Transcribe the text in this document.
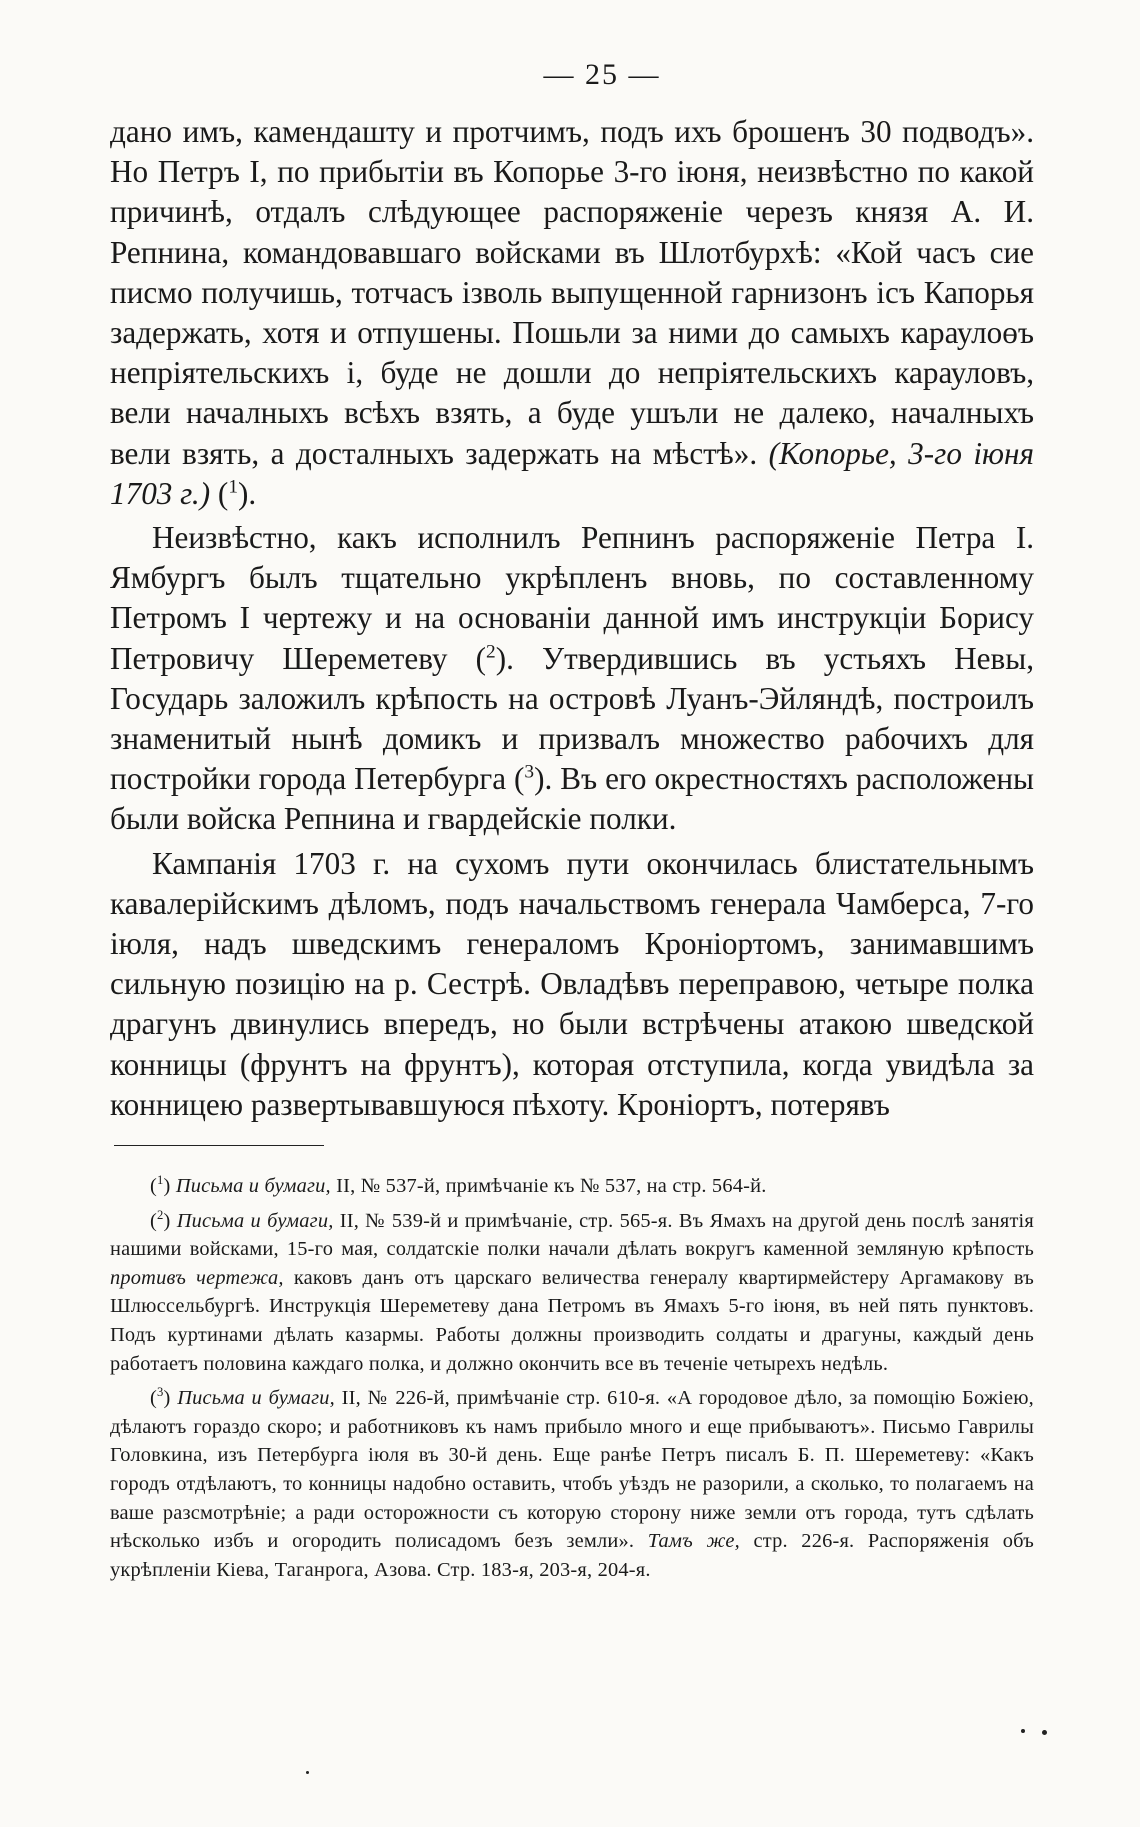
— 25 —

дано имъ, камендашту и протчимъ, подъ ихъ брошенъ 30 подводъ». Но Петръ I, по прибытіи въ Копорье 3-го іюня, неизвѣстно по какой причинѣ, отдалъ слѣдующее распоряженіе черезъ князя А. И. Репнина, командовавшаго войсками въ Шлотбурхѣ: «Кой часъ сие писмо получишь, тотчасъ ізволь выпущенной гарнизонъ ісъ Капорья задержать, хотя и отпушены. Пошьли за ними до самыхъ караулоөъ непріятельскихъ і, буде не дошли до непріятельскихъ карауловъ, вели началныхъ всѣхъ взять, а буде ушъли не далеко, началныхъ вели взять, а досталныхъ задержать на мѣстѣ». (Копорье, 3-го іюня 1703 г.) ($^1$).

Неизвѣстно, какъ исполнилъ Репнинъ распоряженіе Петра I. Ямбургъ былъ тщательно укрѣпленъ вновь, по составленному Петромъ I чертежу и на основаніи данной имъ инструкціи Борису Петровичу Шереметеву ($^2$). Утвердившись въ устьяхъ Невы, Государь заложилъ крѣпость на островѣ Луанъ-Эйляндѣ, построилъ знаменитый нынѣ домикъ и призвалъ множество рабочихъ для постройки города Петербурга ($^3$). Въ его окрестностяхъ расположены были войска Репнина и гвардейскіе полки.

Кампанія 1703 г. на сухомъ пути окончилась блистательнымъ кавалерійскимъ дѣломъ, подъ начальствомъ генерала Чамберса, 7-го іюля, надъ шведскимъ генераломъ Кроніортомъ, занимавшимъ сильную позицію на р. Сестрѣ. Овладѣвъ переправою, четыре полка драгунъ двинулись впередъ, но были встрѣчены атакою шведской конницы (фрунтъ на фрунтъ), которая отступила, когда увидѣла за конницею развертывавшуюся пѣхоту. Кроніортъ, потерявъ

($^1$) Письма и бумаги, II, № 537-й, примѣчаніе къ № 537, на стр. 564-й.

($^2$) Письма и бумаги, II, № 539-й и примѣчаніе, стр. 565-я. Въ Ямахъ на другой день послѣ занятія нашими войсками, 15-го мая, солдатскіе полки начали дѣлать вокругъ каменной земляную крѣпость противъ чертежа, каковъ данъ отъ царскаго величества генералу квартирмейстеру Аргамакову въ Шлюссельбургѣ. Инструкція Шереметеву дана Петромъ въ Ямахъ 5-го іюня, въ ней пять пунктовъ. Подъ куртинами дѣлать казармы. Работы должны производить солдаты и драгуны, каждый день работаетъ половина каждаго полка, и должно окончить все въ теченіе четырехъ недѣль.

($^3$) Письма и бумаги, II, № 226-й, примѣчаніе стр. 610-я. «А городовое дѣло, за помощію Божіею, дѣлаютъ гораздо скоро; и работниковъ къ намъ прибыло много и еще прибываютъ». Письмо Гаврилы Головкина, изъ Петербурга іюля въ 30-й день. Еще ранѣе Петръ писалъ Б. П. Шереметеву: «Какъ городъ отдѣлаютъ, то конницы надобно оставить, чтобъ уѣздъ не разорили, а сколько, то полагаемъ на ваше разсмотрѣніе; а ради осторожности съ которую сторону ниже земли отъ города, тутъ сдѣлать нѣсколько избъ и огородить полисадомъ безъ земли». Тамъ же, стр. 226-я. Распоряженія объ укрѣпленіи Кіева, Таганрога, Азова. Стр. 183-я, 203-я, 204-я.
